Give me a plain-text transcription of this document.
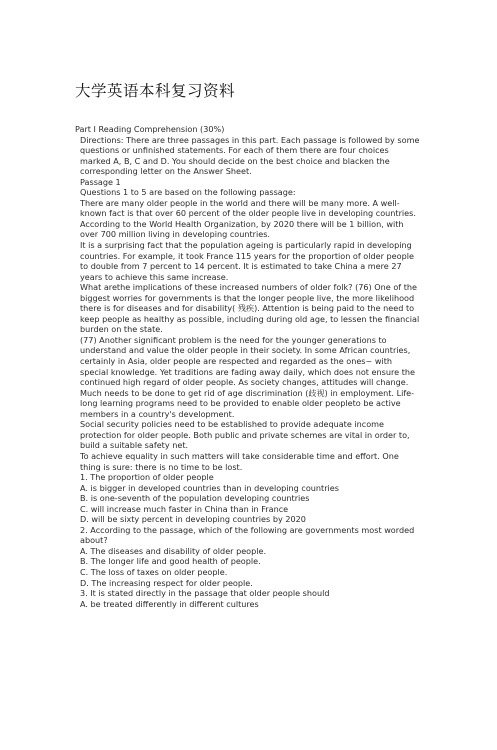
大学英语本科复习资料

Part I Reading Comprehension (30%)

Directions: There are three passages in this part. Each passage is followed by some questions or unfinished statements. For each of them there are four choices marked A, B, C and D. You should decide on the best choice and blacken the corresponding letter on the Answer Sheet.

Passage 1

Questions 1 to 5 are based on the following passage:

There are many older people in the world and there will be many more. A well-known fact is that over 60 percent of the older people live in developing countries. According to the World Health Organization, by 2020 there will be 1 billion, with over 700 million living in developing countries.

It is a surprising fact that the population ageing is particularly rapid in developing countries. For example, it took France 115 years for the proportion of older people to double from 7 percent to 14 percent. It is estimated to take China a mere 27 years to achieve this same increase.

What arethe implications of these increased numbers of older folk? (76) One of the biggest worries for governments is that the longer people live, the more likelihood there is for diseases and for disability( 残疾). Attention is being paid to the need to keep people as healthy as possible, including during old age, to lessen the financial burden on the state.

(77) Another significant problem is the need for the younger generations to understand and value the older people in their society. In some African countries, certainly in Asia, older people are respected and regarded as the ones~ with special knowledge. Yet traditions are fading away daily, which does not ensure the continued high regard of older people. As society changes, attitudes will change.

Much needs to be done to get rid of age discrimination (歧视) in employment. Life-long learning programs need to be provided to enable older peopleto be active members in a country's development.

Social security policies need to be established to provide adequate income protection for older people. Both public and private schemes are vital in order to, build a suitable safety net.

To achieve equality in such matters will take considerable time and effort. One thing is sure: there is no time to be lost.

1. The proportion of older people

A. is bigger in developed countries than in developing countries

B. is one-seventh of the population developing countries

C. will increase much faster in China than in France

D. will be sixty percent in developing countries by 2020

2. According to the passage, which of the following are governments most worded about?

A. The diseases and disability of older people.

B. The longer life and good health of people.

C. The loss of taxes on older people.

D. The increasing respect for older people.

3. It is stated directly in the passage that older people should

A. be treated differently in different cultures
